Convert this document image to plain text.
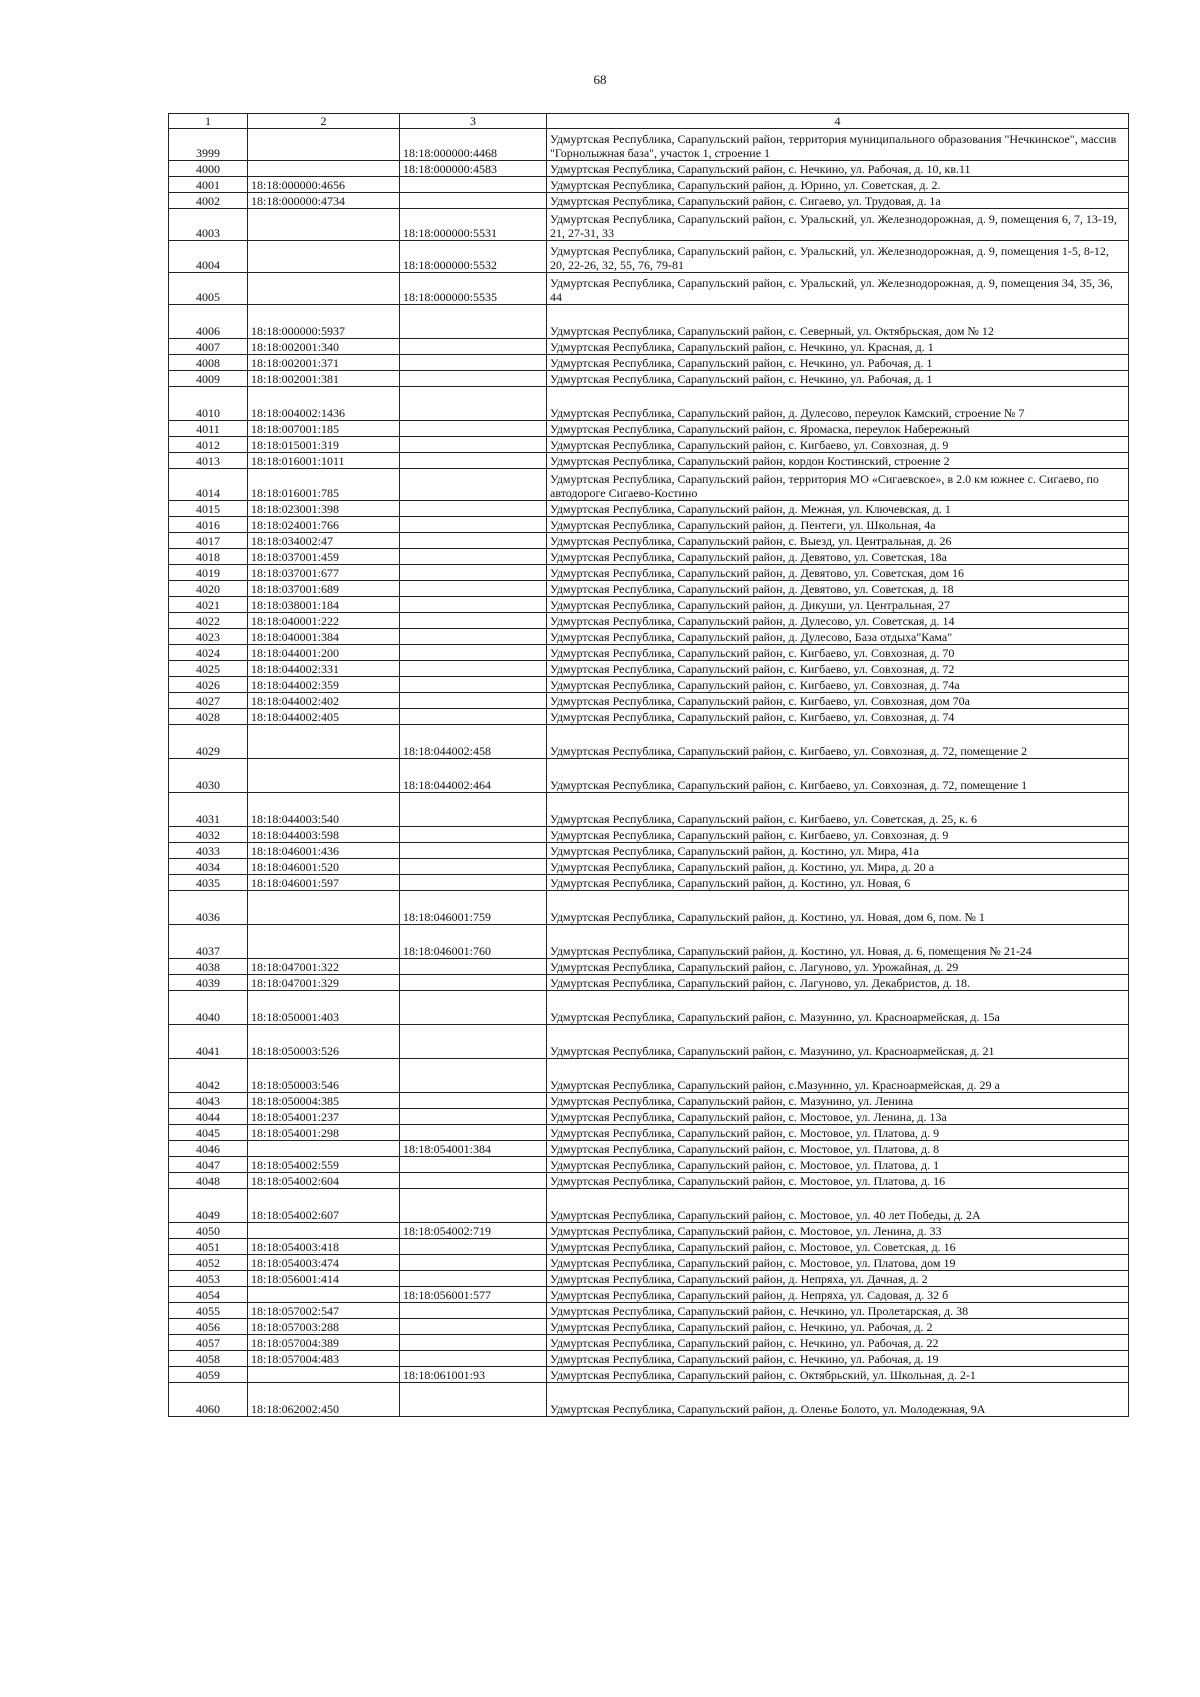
68
1	2	3	4
3999		18:18:000000:4468	Удмуртская Республика, Сарапульский район, территория муниципального образования "Нечкинское", массив "Горнолыжная база", участок 1, строение 1
4000		18:18:000000:4583	Удмуртская Республика, Сарапульский район, с. Нечкино, ул. Рабочая, д. 10, кв.11
4001	18:18:000000:4656		Удмуртская Республика, Сарапульский район, д. Юрино, ул. Советская, д. 2.
4002	18:18:000000:4734		Удмуртская Республика, Сарапульский район, с. Сигаево, ул. Трудовая, д. 1а
4003		18:18:000000:5531	Удмуртская Республика, Сарапульский район, с. Уральский, ул. Железнодорожная, д. 9, помещения 6, 7, 13-19, 21, 27-31, 33
4004		18:18:000000:5532	Удмуртская Республика, Сарапульский район, с. Уральский, ул. Железнодорожная, д. 9, помещения 1-5, 8-12, 20, 22-26, 32, 55, 76, 79-81
4005		18:18:000000:5535	Удмуртская Республика, Сарапульский район, с. Уральский, ул. Железнодорожная, д. 9, помещения 34, 35, 36, 44
4006	18:18:000000:5937		Удмуртская Республика, Сарапульский район, с. Северный, ул. Октябрьская, дом № 12
4007	18:18:002001:340		Удмуртская Республика, Сарапульский район, с. Нечкино, ул. Красная, д. 1
4008	18:18:002001:371		Удмуртская Республика, Сарапульский район, с. Нечкино, ул. Рабочая, д. 1
4009	18:18:002001:381		Удмуртская Республика, Сарапульский район, с. Нечкино, ул. Рабочая, д. 1
4010	18:18:004002:1436		Удмуртская Республика, Сарапульский район, д. Дулесово, переулок Камский, строение № 7
4011	18:18:007001:185		Удмуртская Республика, Сарапульский район, с. Яромаска, переулок Набережный
4012	18:18:015001:319		Удмуртская Республика, Сарапульский район, с. Кигбаево, ул. Совхозная, д. 9
4013	18:18:016001:1011		Удмуртская Республика, Сарапульский район, кордон Костинский, строение 2
4014	18:18:016001:785		Удмуртская Республика, Сарапульский район, территория МО «Сигаевское», в 2.0 км южнее с. Сигаево, по автодороге Сигаево-Костино
4015	18:18:023001:398		Удмуртская Республика, Сарапульский район, д. Межная, ул. Ключевская, д. 1
4016	18:18:024001:766		Удмуртская Республика, Сарапульский район, д. Пентеги, ул. Школьная, 4а
4017	18:18:034002:47		Удмуртская Республика, Сарапульский район, с. Выезд, ул. Центральная, д. 26
4018	18:18:037001:459		Удмуртская Республика, Сарапульский район, д. Девятово, ул. Советская, 18а
4019	18:18:037001:677		Удмуртская Республика, Сарапульский район, д. Девятово, ул. Советская, дом 16
4020	18:18:037001:689		Удмуртская Республика, Сарапульский район, д. Девятово, ул. Советская, д. 18
4021	18:18:038001:184		Удмуртская Республика, Сарапульский район, д. Дикуши, ул. Центральная, 27
4022	18:18:040001:222		Удмуртская Республика, Сарапульский район, д. Дулесово, ул. Советская, д. 14
4023	18:18:040001:384		Удмуртская Республика, Сарапульский район, д. Дулесово, База отдыха"Кама"
4024	18:18:044001:200		Удмуртская Республика, Сарапульский район, с. Кигбаево, ул. Совхозная, д. 70
4025	18:18:044002:331		Удмуртская Республика, Сарапульский район, с. Кигбаево, ул. Совхозная, д. 72
4026	18:18:044002:359		Удмуртская Республика, Сарапульский район, с. Кигбаево, ул. Совхозная, д. 74а
4027	18:18:044002:402		Удмуртская Республика, Сарапульский район, с. Кигбаево, ул. Совхозная, дом 70а
4028	18:18:044002:405		Удмуртская Республика, Сарапульский район, с. Кигбаево, ул. Совхозная, д. 74
4029		18:18:044002:458	Удмуртская Республика, Сарапульский район, с. Кигбаево, ул. Совхозная, д. 72, помещение 2
4030		18:18:044002:464	Удмуртская Республика, Сарапульский район, с. Кигбаево, ул. Совхозная, д. 72, помещение 1
4031	18:18:044003:540		Удмуртская Республика, Сарапульский район, с. Кигбаево, ул. Советская, д. 25, к. 6
4032	18:18:044003:598		Удмуртская Республика, Сарапульский район, с. Кигбаево, ул. Совхозная, д. 9
4033	18:18:046001:436		Удмуртская Республика, Сарапульский район, д. Костино, ул. Мира, 41а
4034	18:18:046001:520		Удмуртская Республика, Сарапульский район, д. Костино, ул. Мира, д. 20 а
4035	18:18:046001:597		Удмуртская Республика, Сарапульский район, д. Костино, ул. Новая, 6
4036		18:18:046001:759	Удмуртская Республика, Сарапульский район, д. Костино, ул. Новая, дом 6, пом. № 1
4037		18:18:046001:760	Удмуртская Республика, Сарапульский район, д. Костино, ул. Новая, д. 6, помещения № 21-24
4038	18:18:047001:322		Удмуртская Республика, Сарапульский район, с. Лагуново, ул. Урожайная, д. 29
4039	18:18:047001:329		Удмуртская Республика, Сарапульский район, с. Лагуново, ул. Декабристов, д. 18.
4040	18:18:050001:403		Удмуртская Республика, Сарапульский район, с. Мазунино, ул. Красноармейская, д. 15а
4041	18:18:050003:526		Удмуртская Республика, Сарапульский район, с. Мазунино, ул. Красноармейская, д. 21
4042	18:18:050003:546		Удмуртская Республика, Сарапульский район, с.Мазунино, ул. Красноармейская, д. 29 а
4043	18:18:050004:385		Удмуртская Республика, Сарапульский район, с. Мазунино, ул. Ленина
4044	18:18:054001:237		Удмуртская Республика, Сарапульский район, с. Мостовое, ул. Ленина, д. 13а
4045	18:18:054001:298		Удмуртская Республика, Сарапульский район, с. Мостовое, ул. Платова, д. 9
4046		18:18:054001:384	Удмуртская Республика, Сарапульский район, с. Мостовое, ул. Платова, д. 8
4047	18:18:054002:559		Удмуртская Республика, Сарапульский район, с. Мостовое, ул. Платова, д. 1
4048	18:18:054002:604		Удмуртская Республика, Сарапульский район, с. Мостовое, ул. Платова, д. 16
4049	18:18:054002:607		Удмуртская Республика, Сарапульский район, с. Мостовое, ул. 40 лет Победы, д. 2А
4050		18:18:054002:719	Удмуртская Республика, Сарапульский район, с. Мостовое, ул. Ленина, д. 33
4051	18:18:054003:418		Удмуртская Республика, Сарапульский район, с. Мостовое, ул. Советская, д. 16
4052	18:18:054003:474		Удмуртская Республика, Сарапульский район, с. Мостовое, ул. Платова, дом 19
4053	18:18:056001:414		Удмуртская Республика, Сарапульский район, д. Непряха, ул. Дачная, д. 2
4054		18:18:056001:577	Удмуртская Республика, Сарапульский район, д. Непряха, ул. Садовая, д. 32 б
4055	18:18:057002:547		Удмуртская Республика, Сарапульский район, с. Нечкино, ул. Пролетарская, д. 38
4056	18:18:057003:288		Удмуртская Республика, Сарапульский район, с. Нечкино, ул. Рабочая, д. 2
4057	18:18:057004:389		Удмуртская Республика, Сарапульский район, с. Нечкино, ул. Рабочая, д. 22
4058	18:18:057004:483		Удмуртская Республика, Сарапульский район, с. Нечкино, ул. Рабочая, д. 19
4059		18:18:061001:93	Удмуртская Республика, Сарапульский район, с. Октябрьский, ул. Школьная, д. 2-1
4060	18:18:062002:450		Удмуртская Республика, Сарапульский район, д. Оленье Болото, ул. Молодежная, 9А
